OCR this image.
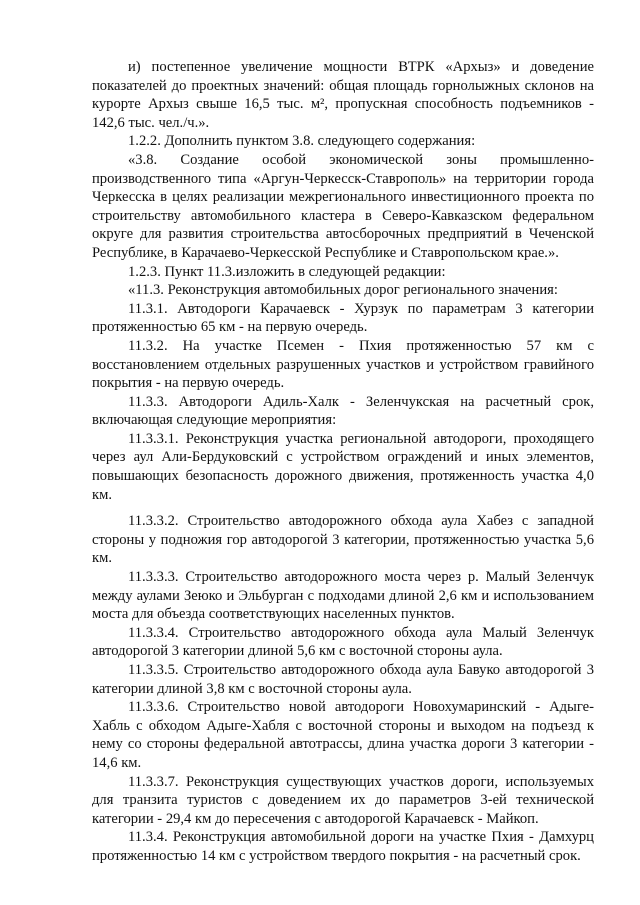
и) постепенное увеличение мощности ВТРК «Архыз» и доведение показателей до проектных значений: общая площадь горнолыжных склонов на курорте Архыз свыше 16,5 тыс. м², пропускная способность подъемников - 142,6 тыс. чел./ч.».

1.2.2. Дополнить пунктом 3.8. следующего содержания:

«3.8. Создание особой экономической зоны промышленно-производственного типа «Аргун-Черкесск-Ставрополь» на территории города Черкесска в целях реализации межрегионального инвестиционного проекта по строительству автомобильного кластера в Северо-Кавказском федеральном округе для развития строительства автосборочных предприятий в Чеченской Республике, в Карачаево-Черкесской Республике и Ставропольском крае.».

1.2.3. Пункт 11.3.изложить в следующей редакции:

«11.3. Реконструкция автомобильных дорог регионального значения:

11.3.1. Автодороги Карачаевск - Хурзук по параметрам 3 категории протяженностью 65 км - на первую очередь.

11.3.2. На участке Псемен - Пхия протяженностью 57 км с восстановлением отдельных разрушенных участков и устройством гравийного покрытия - на первую очередь.

11.3.3. Автодороги Адиль-Халк - Зеленчукская на расчетный срок, включающая следующие мероприятия:

11.3.3.1. Реконструкция участка региональной автодороги, проходящего через аул Али-Бердуковский с устройством ограждений и иных элементов, повышающих безопасность дорожного движения, протяженность участка 4,0 км.

11.3.3.2. Строительство автодорожного обхода аула Хабез с западной стороны у подножия гор автодорогой 3 категории, протяженностью участка 5,6 км.

11.3.3.3. Строительство автодорожного моста через р. Малый Зеленчук между аулами Зеюко и Эльбурган с подходами длиной 2,6 км и использованием моста для объезда соответствующих населенных пунктов.

11.3.3.4. Строительство автодорожного обхода аула Малый Зеленчук автодорогой 3 категории длиной 5,6 км с восточной стороны аула.

11.3.3.5. Строительство автодорожного обхода аула Бавуко автодорогой 3 категории длиной 3,8 км с восточной стороны аула.

11.3.3.6. Строительство новой автодороги Новохумаринский - Адыге-Хабль с обходом Адыге-Хабля с восточной стороны и выходом на подъезд к нему со стороны федеральной автотрассы, длина участка дороги 3 категории - 14,6 км.

11.3.3.7. Реконструкция существующих участков дороги, используемых для транзита туристов с доведением их до параметров 3-ей технической категории - 29,4 км до пересечения с автодорогой Карачаевск - Майкоп.

11.3.4. Реконструкция автомобильной дороги на участке Пхия - Дамхурц протяженностью 14 км с устройством твердого покрытия - на расчетный срок.
